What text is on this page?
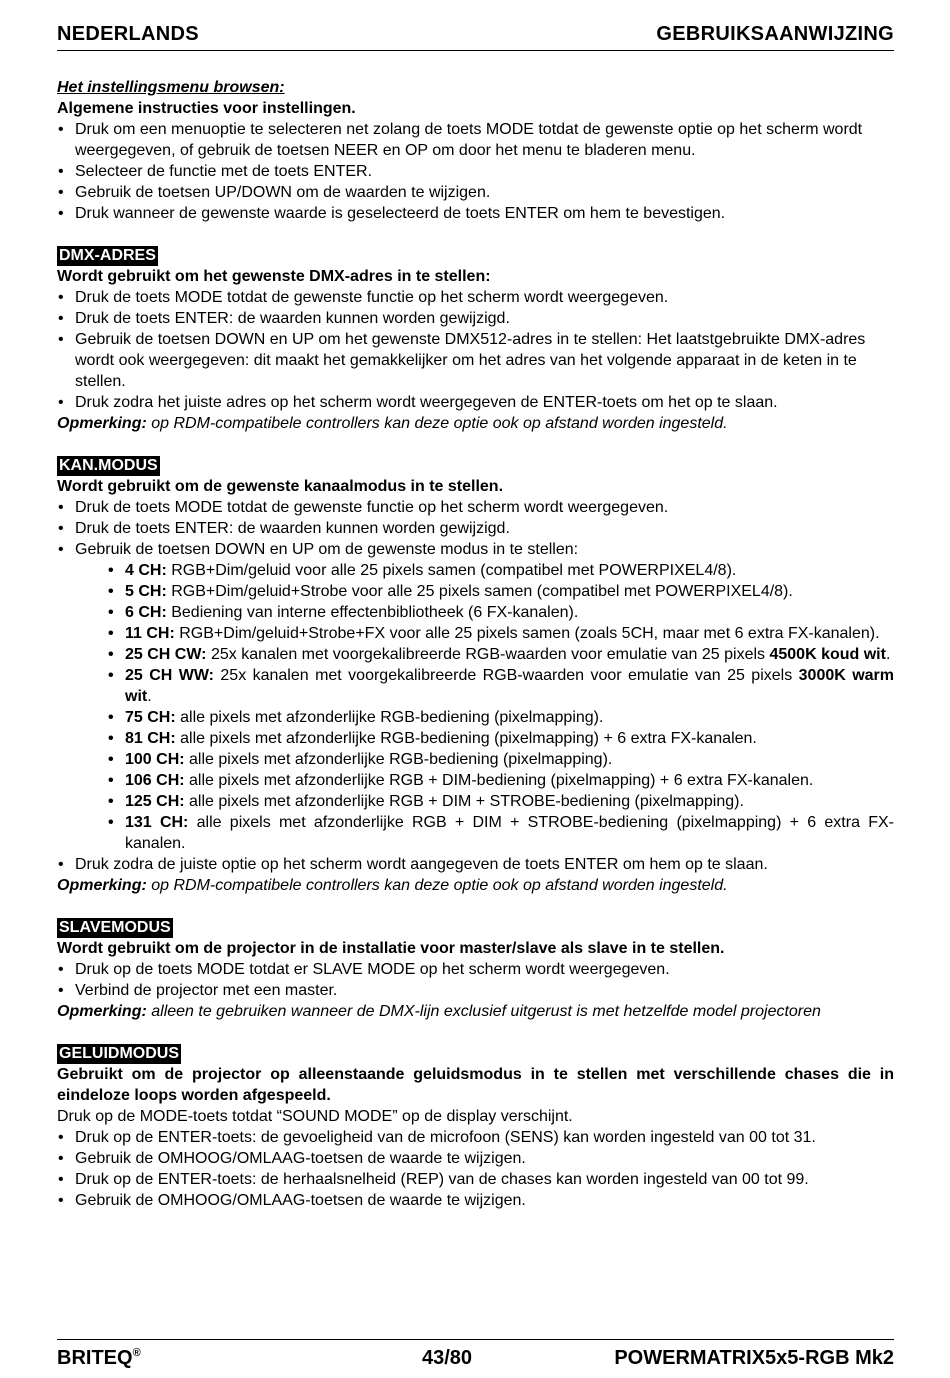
NEDERLANDS	GEBRUIKSAANWIJZING

Het instellingsmenu browsen:

Algemene instructies voor instellingen.

• Druk om een menuoptie te selecteren net zolang de toets MODE totdat de gewenste optie op het scherm wordt weergegeven, of gebruik de toetsen NEER en OP om door het menu te bladeren menu.
• Selecteer de functie met de toets ENTER.
• Gebruik de toetsen UP/DOWN om de waarden te wijzigen.
• Druk wanneer de gewenste waarde is geselecteerd de toets ENTER om hem te bevestigen.
DMX-ADRES

Wordt gebruikt om het gewenste DMX-adres in te stellen:

• Druk de toets MODE totdat de gewenste functie op het scherm wordt weergegeven.
• Druk de toets ENTER: de waarden kunnen worden gewijzigd.
• Gebruik de toetsen DOWN en UP om het gewenste DMX512-adres in te stellen: Het laatstgebruikte DMX-adres wordt ook weergegeven: dit maakt het gemakkelijker om het adres van het volgende apparaat in de keten in te stellen.
• Druk zodra het juiste adres op het scherm wordt weergegeven de ENTER-toets om het op te slaan.

Opmerking: op RDM-compatibele controllers kan deze optie ook op afstand worden ingesteld.

KAN.MODUS

Wordt gebruikt om de gewenste kanaalmodus in te stellen.

• Druk de toets MODE totdat de gewenste functie op het scherm wordt weergegeven.
• Druk de toets ENTER: de waarden kunnen worden gewijzigd.
• Gebruik de toetsen DOWN en UP om de gewenste modus in te stellen:
• 4 CH: RGB+Dim/geluid voor alle 25 pixels samen (compatibel met POWERPIXEL4/8).
• 5 CH: RGB+Dim/geluid+Strobe voor alle 25 pixels samen (compatibel met POWERPIXEL4/8).
• 6 CH: Bediening van interne effectenbibliotheek (6 FX-kanalen).
• 11 CH: RGB+Dim/geluid+Strobe+FX voor alle 25 pixels samen (zoals 5CH, maar met 6 extra FX-kanalen).
• 25 CH CW: 25x kanalen met voorgekalibreerde RGB-waarden voor emulatie van 25 pixels 4500K koud wit.
• 25 CH WW: 25x kanalen met voorgekalibreerde RGB-waarden voor emulatie van 25 pixels 3000K warm wit.
• 75 CH: alle pixels met afzonderlijke RGB-bediening (pixelmapping).
• 81 CH: alle pixels met afzonderlijke RGB-bediening (pixelmapping) + 6 extra FX-kanalen.
• 100 CH: alle pixels met afzonderlijke RGB-bediening (pixelmapping).
• 106 CH: alle pixels met afzonderlijke RGB + DIM-bediening (pixelmapping) + 6 extra FX-kanalen.
• 125 CH: alle pixels met afzonderlijke RGB + DIM + STROBE-bediening (pixelmapping).
• 131 CH: alle pixels met afzonderlijke RGB + DIM + STROBE-bediening (pixelmapping) + 6 extra FX-kanalen.
• Druk zodra de juiste optie op het scherm wordt aangegeven de toets ENTER om hem op te slaan.

Opmerking: op RDM-compatibele controllers kan deze optie ook op afstand worden ingesteld.

SLAVEMODUS

Wordt gebruikt om de projector in de installatie voor master/slave als slave in te stellen.

• Druk op de toets MODE totdat er SLAVE MODE op het scherm wordt weergegeven.
• Verbind de projector met een master.

Opmerking: alleen te gebruiken wanneer de DMX-lijn exclusief uitgerust is met hetzelfde model projectoren

GELUIDMODUS

Gebruikt om de projector op alleenstaande geluidsmodus in te stellen met verschillende chases die in eindeloze loops worden afgespeeld.

Druk op de MODE-toets totdat “SOUND MODE” op de display verschijnt.

• Druk op de ENTER-toets: de gevoeligheid van de microfoon (SENS) kan worden ingesteld van 00 tot 31.
• Gebruik de OMHOOG/OMLAAG-toetsen de waarde te wijzigen.
• Druk op de ENTER-toets: de herhaalsnelheid (REP) van de chases kan worden ingesteld van 00 tot 99.
• Gebruik de OMHOOG/OMLAAG-toetsen de waarde te wijzigen.
BRITEQ®	43/80	POWERMATRIX5x5-RGB Mk2
